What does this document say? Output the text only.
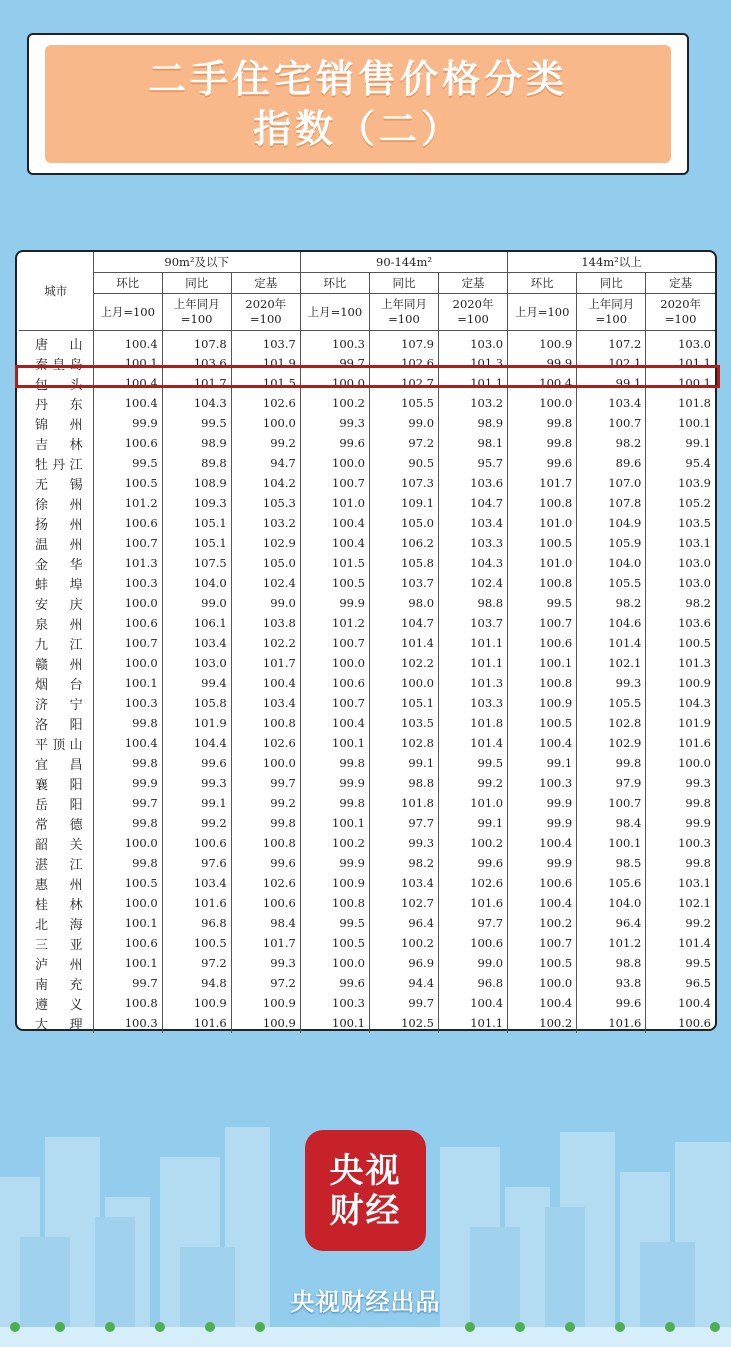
二手住宅销售价格分类
指数（二）
城市	90m²及以下			90-144m²			144m²以上		
	环比	同比	定基	环比	同比	定基	环比	同比	定基
	上月=100	上年同月=100	2020年=100	上月=100	上年同月=100	2020年=100	上月=100	上年同月=100	2020年=100
唐山	100.4	107.8	103.7	100.3	107.9	103.0	100.9	107.2	103.0
秦皇岛	100.1	103.6	101.9	99.7	102.6	101.3	99.9	102.1	101.1
包头	100.4	101.7	101.5	100.0	102.7	101.1	100.4	99.1	100.1
丹东	100.4	104.3	102.6	100.2	105.5	103.2	100.0	103.4	101.8
锦州	99.9	99.5	100.0	99.3	99.0	98.9	99.8	100.7	100.1
吉林	100.6	98.9	99.2	99.6	97.2	98.1	99.8	98.2	99.1
牡丹江	99.5	89.8	94.7	100.0	90.5	95.7	99.6	89.6	95.4
无锡	100.5	108.9	104.2	100.7	107.3	103.6	101.7	107.0	103.9
徐州	101.2	109.3	105.3	101.0	109.1	104.7	100.8	107.8	105.2
扬州	100.6	105.1	103.2	100.4	105.0	103.4	101.0	104.9	103.5
温州	100.7	105.1	102.9	100.4	106.2	103.3	100.5	105.9	103.1
金华	101.3	107.5	105.0	101.5	105.8	104.3	101.0	104.0	103.0
蚌埠	100.3	104.0	102.4	100.5	103.7	102.4	100.8	105.5	103.0
安庆	100.0	99.0	99.0	99.9	98.0	98.8	99.5	98.2	98.2
泉州	100.6	106.1	103.8	101.2	104.7	103.7	100.7	104.6	103.6
九江	100.7	103.4	102.2	100.7	101.4	101.1	100.6	101.4	100.5
赣州	100.0	103.0	101.7	100.0	102.2	101.1	100.1	102.1	101.3
烟台	100.1	99.4	100.4	100.6	100.0	101.3	100.8	99.3	100.9
济宁	100.3	105.8	103.4	100.7	105.1	103.3	100.9	105.5	104.3
洛阳	99.8	101.9	100.8	100.4	103.5	101.8	100.5	102.8	101.9
平顶山	100.4	104.4	102.6	100.1	102.8	101.4	100.4	102.9	101.6
宜昌	99.8	99.6	100.0	99.8	99.1	99.5	99.1	99.8	100.0
襄阳	99.9	99.3	99.7	99.9	98.8	99.2	100.3	97.9	99.3
岳阳	99.7	99.1	99.2	99.8	101.8	101.0	99.9	100.7	99.8
常德	99.8	99.2	99.8	100.1	97.7	99.1	99.9	98.4	99.9
韶关	100.0	100.6	100.8	100.2	99.3	100.2	100.4	100.1	100.3
湛江	99.8	97.6	99.6	99.9	98.2	99.6	99.9	98.5	99.8
惠州	100.5	103.4	102.6	100.9	103.4	102.6	100.6	105.6	103.1
桂林	100.0	101.6	100.6	100.8	102.7	101.6	100.4	104.0	102.1
北海	100.1	96.8	98.4	99.5	96.4	97.7	100.2	96.4	99.2
三亚	100.6	100.5	101.7	100.5	100.2	100.6	100.7	101.2	101.4
泸州	100.1	97.2	99.3	100.0	96.9	99.0	100.5	98.8	99.5
南充	99.7	94.8	97.2	99.6	94.4	96.8	100.0	93.8	96.5
遵义	100.8	100.9	100.9	100.3	99.7	100.4	100.4	99.6	100.4
大理	100.3	101.6	100.9	100.1	102.5	101.1	100.2	101.6	100.6
央视
财经
央视财经出品
